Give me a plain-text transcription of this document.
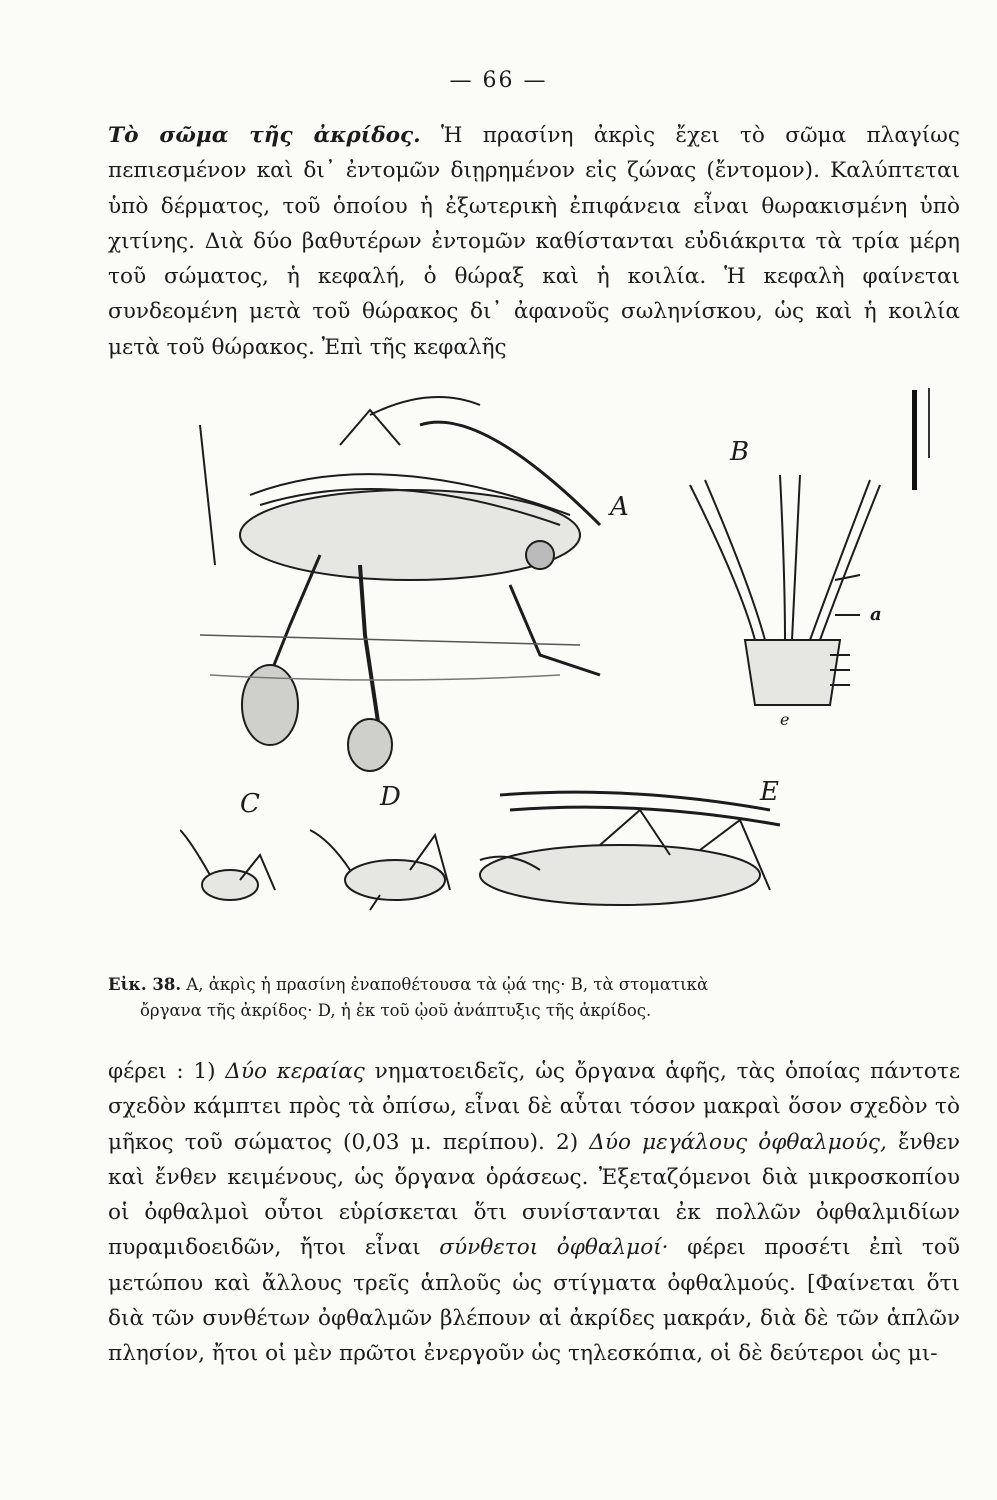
— 66 —

Τὸ σῶμα τῆς ἀκρίδος. Ἡ πρασίνη ἀκρὶς ἔχει τὸ σῶμα πλαγίως πεπιεσμένον καὶ δι᾽ ἐντομῶν διῃρημένον εἰς ζώνας (ἔντομον). Καλύπτεται ὑπὸ δέρματος, τοῦ ὁποίου ἡ ἐξωτερικὴ ἐπιφάνεια εἶναι θωρακισμένη ὑπὸ χιτίνης. Διὰ δύο βαθυτέρων ἐντομῶν καθίστανται εὐδιάκριτα τὰ τρία μέρη τοῦ σώματος, ἡ κεφαλή, ὁ θώραξ καὶ ἡ κοιλία. Ἡ κεφαλὴ φαίνεται συνδεομένη μετὰ τοῦ θώρακος δι᾽ ἀφανοῦς σωληνίσκου, ὡς καὶ ἡ κοιλία μετὰ τοῦ θώρακος. Ἐπὶ τῆς κεφαλῆς

A
B
a
e
C	D	E

Εἰκ. 38. A, ἀκρὶς ἡ πρασίνη ἐναποθέτουσα τὰ ᾠά της· B, τὰ στοματικὰ
ὄργανα τῆς ἀκρίδος· D, ἡ ἐκ τοῦ ᾠοῦ ἀνάπτυξις τῆς ἀκρίδος.

φέρει : 1) Δύο κεραίας νηματοειδεῖς, ὡς ὄργανα ἁφῆς, τὰς ὁποίας πάντοτε σχεδὸν κάμπτει πρὸς τὰ ὀπίσω, εἶναι δὲ αὗται τόσον μακραὶ ὅσον σχεδὸν τὸ μῆκος τοῦ σώματος (0,03 μ. περίπου). 2) Δύο μεγάλους ὀφθαλμούς, ἔνθεν καὶ ἔνθεν κειμένους, ὡς ὄργανα ὁράσεως. Ἐξεταζόμενοι διὰ μικροσκοπίου οἱ ὀφθαλμοὶ οὗτοι εὑρίσκεται ὅτι συνίστανται ἐκ πολλῶν ὀφθαλμιδίων πυραμιδοειδῶν, ἤτοι εἶναι σύνθετοι ὀφθαλμοί· φέρει προσέτι ἐπὶ τοῦ μετώπου καὶ ἄλλους τρεῖς ἁπλοῦς ὡς στίγματα ὀφθαλμούς. [Φαίνεται ὅτι διὰ τῶν συνθέτων ὀφθαλμῶν βλέπουν αἱ ἀκρίδες μακράν, διὰ δὲ τῶν ἁπλῶν πλησίον, ἤτοι οἱ μὲν πρῶτοι ἐνεργοῦν ὡς τηλεσκόπια, οἱ δὲ δεύτεροι ὡς μι-
